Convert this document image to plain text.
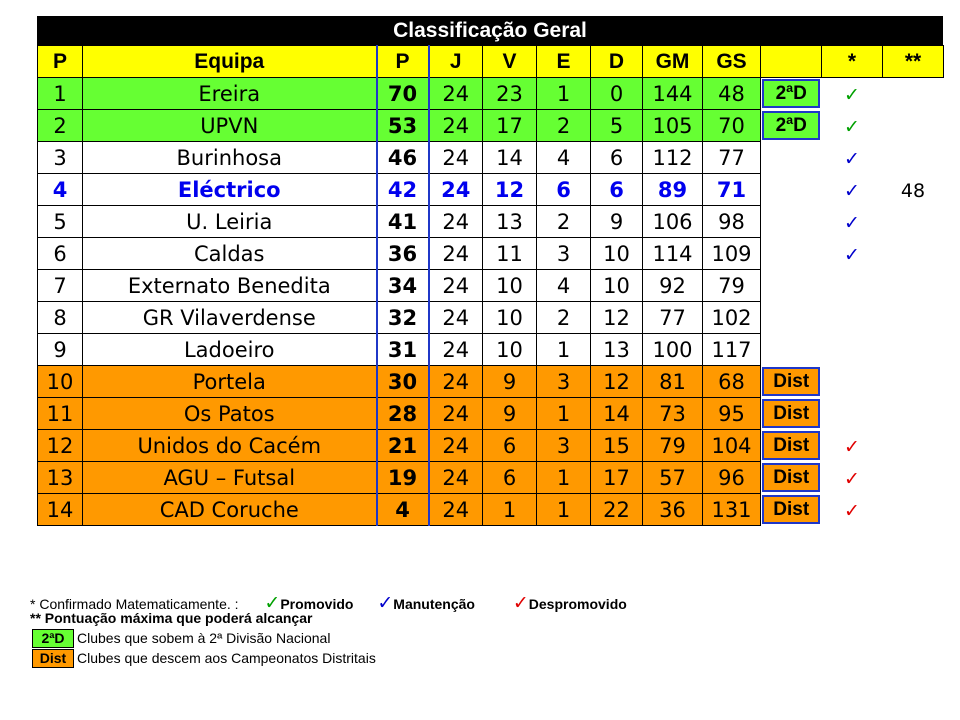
Classificação Geral
P	Equipa	P	J	V	E	D	GM	GS		*	**
1	Ereira	70	24	23	1	0	144	48	2ªD	✓	
2	UPVN	53	24	17	2	5	105	70	2ªD	✓	
3	Burinhosa	46	24	14	4	6	112	77		✓	
4	Eléctrico	42	24	12	6	6	89	71		✓	48
5	U. Leiria	41	24	13	2	9	106	98		✓	
6	Caldas	36	24	11	3	10	114	109		✓	
7	Externato Benedita	34	24	10	4	10	92	79			
8	GR Vilaverdense	32	24	10	2	12	77	102			
9	Ladoeiro	31	24	10	1	13	100	117			
10	Portela	30	24	9	3	12	81	68	Dist		
11	Os Patos	28	24	9	1	14	73	95	Dist		
12	Unidos do Cacém	21	24	6	3	15	79	104	Dist	✓	
13	AGU – Futsal	19	24	6	1	17	57	96	Dist	✓	
14	CAD Coruche	4	24	1	1	22	36	131	Dist	✓	
* Confirmado Matematicamente. : ✓Promovido ✓Manutenção ✓Despromovido
** Pontuação máxima que poderá alcançar
2ªD Clubes que sobem à 2ª Divisão Nacional
Dist Clubes que descem aos Campeonatos Distritais
